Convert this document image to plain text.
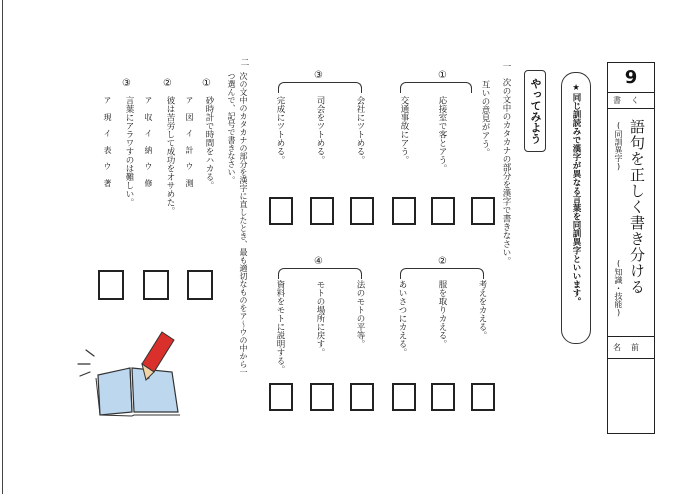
9
書く
語句を正しく書き分ける
(同訓異字)
(知識・技能)
名前
★同じ訓読みで漢字が異なる言葉を同訓異字といいます。
やってみよう
一
次の文中のカタカナの部分を漢字で書きなさい。
互いの意見がアう。
①
応接室で客とアう。
交通事故にアう。
③
会社にツトめる。
司会をツトめる。
完成にツトめる。
②
考えをカえる。
服を取りカえる。
あいさつにカえる。
④
法のモトの平等。
モトの場所に戻す。
資料をモトに説明する。
二
次の文中のカタカナの部分を漢字に直したとき、最も適切なものをア〜ウの中から一
つ選んで、記号で書きなさい。
①
砂時計で時間をハカる。
ア 図　イ 計　ウ 測
②
彼は苦労して成功をオサめた。
ア 収　イ 納　ウ 修
③
言葉にアラワすのは難しい。
ア 現　イ 表　ウ 著
